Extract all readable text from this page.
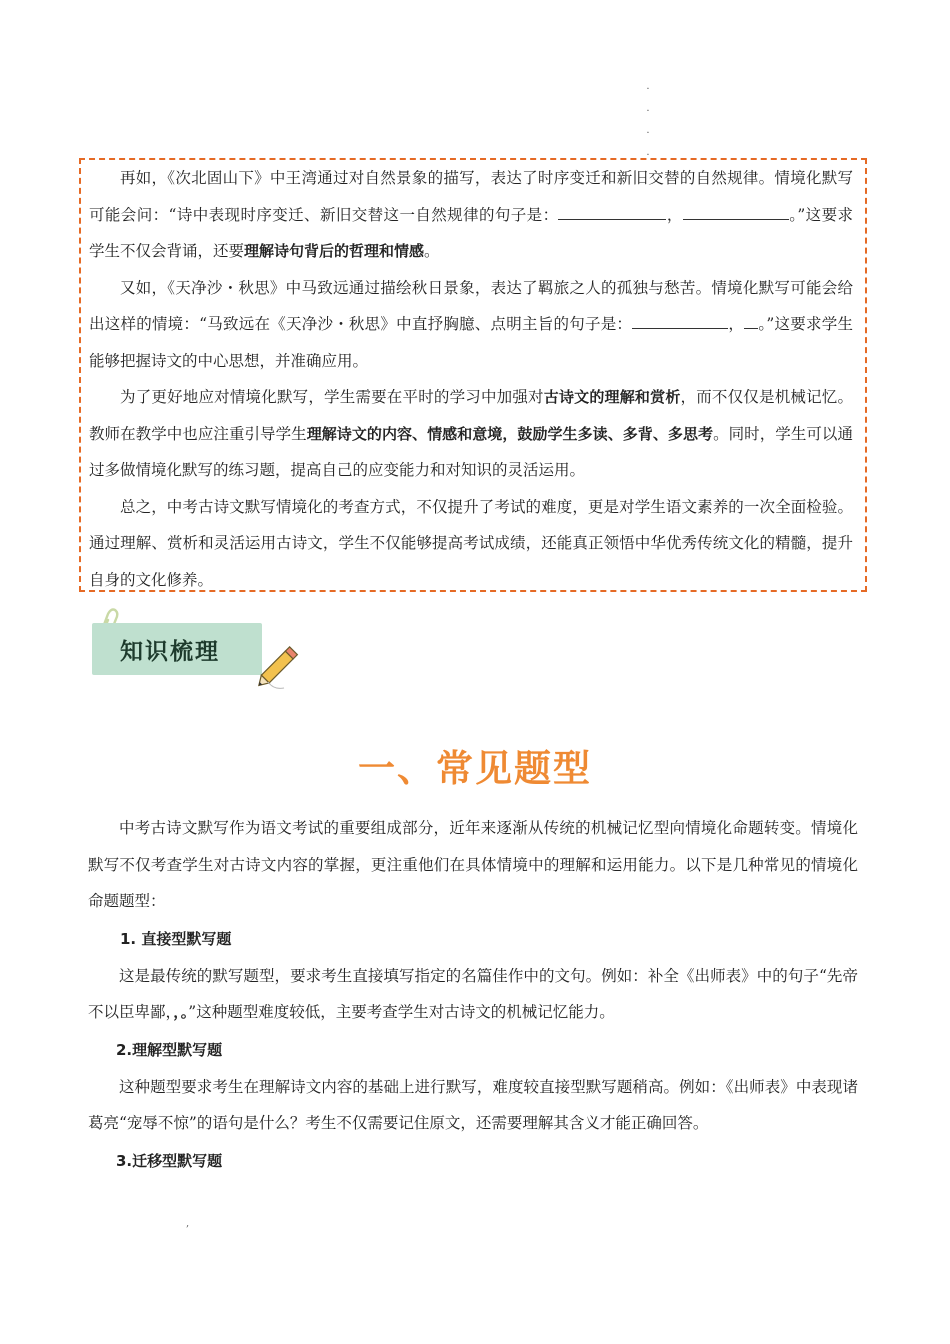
.
.
.
.

再如，《次北固山下》中王湾通过对自然景象的描写，表达了时序变迁和新旧交替的自然规律。情境化默写可能会问：“诗中表现时序变迁、新旧交替这一自然规律的句子是：	，	。”这要求学生不仅会背诵，还要理解诗句背后的哲理和情感。

又如，《天净沙・秋思》中马致远通过描绘秋日景象，表达了羁旅之人的孤独与愁苦。情境化默写可能会给出这样的情境：“马致远在《天净沙・秋思》中直抒胸臆、点明主旨的句子是：	， 。”这要求学生能够把握诗文的中心思想，并准确应用。

为了更好地应对情境化默写，学生需要在平时的学习中加强对古诗文的理解和赏析，而不仅仅是机械记忆。教师在教学中也应注重引导学生理解诗文的内容、情感和意境，鼓励学生多读、多背、多思考。同时，学生可以通过多做情境化默写的练习题，提高自己的应变能力和对知识的灵活运用。

总之，中考古诗文默写情境化的考查方式，不仅提升了考试的难度，更是对学生语文素养的一次全面检验。通过理解、赏析和灵活运用古诗文，学生不仅能够提高考试成绩，还能真正领悟中华优秀传统文化的精髓，提升自身的文化修养。

知识梳理
一、常见题型

中考古诗文默写作为语文考试的重要组成部分，近年来逐渐从传统的机械记忆型向情境化命题转变。情境化默写不仅考查学生对古诗文内容的掌握，更注重他们在具体情境中的理解和运用能力。以下是几种常见的情境化命题题型：

1. 直接型默写题

这是最传统的默写题型，要求考生直接填写指定的名篇佳作中的文句。例如：补全《出师表》中的句子“先帝不以臣卑鄙，，。”这种题型难度较低，主要考查学生对古诗文的机械记忆能力。

2.理解型默写题

这种题型要求考生在理解诗文内容的基础上进行默写，难度较直接型默写题稍高。例如：《出师表》中表现诸葛亮“宠辱不惊”的语句是什么？考生不仅需要记住原文，还需要理解其含义才能正确回答。

3.迁移型默写题

,
